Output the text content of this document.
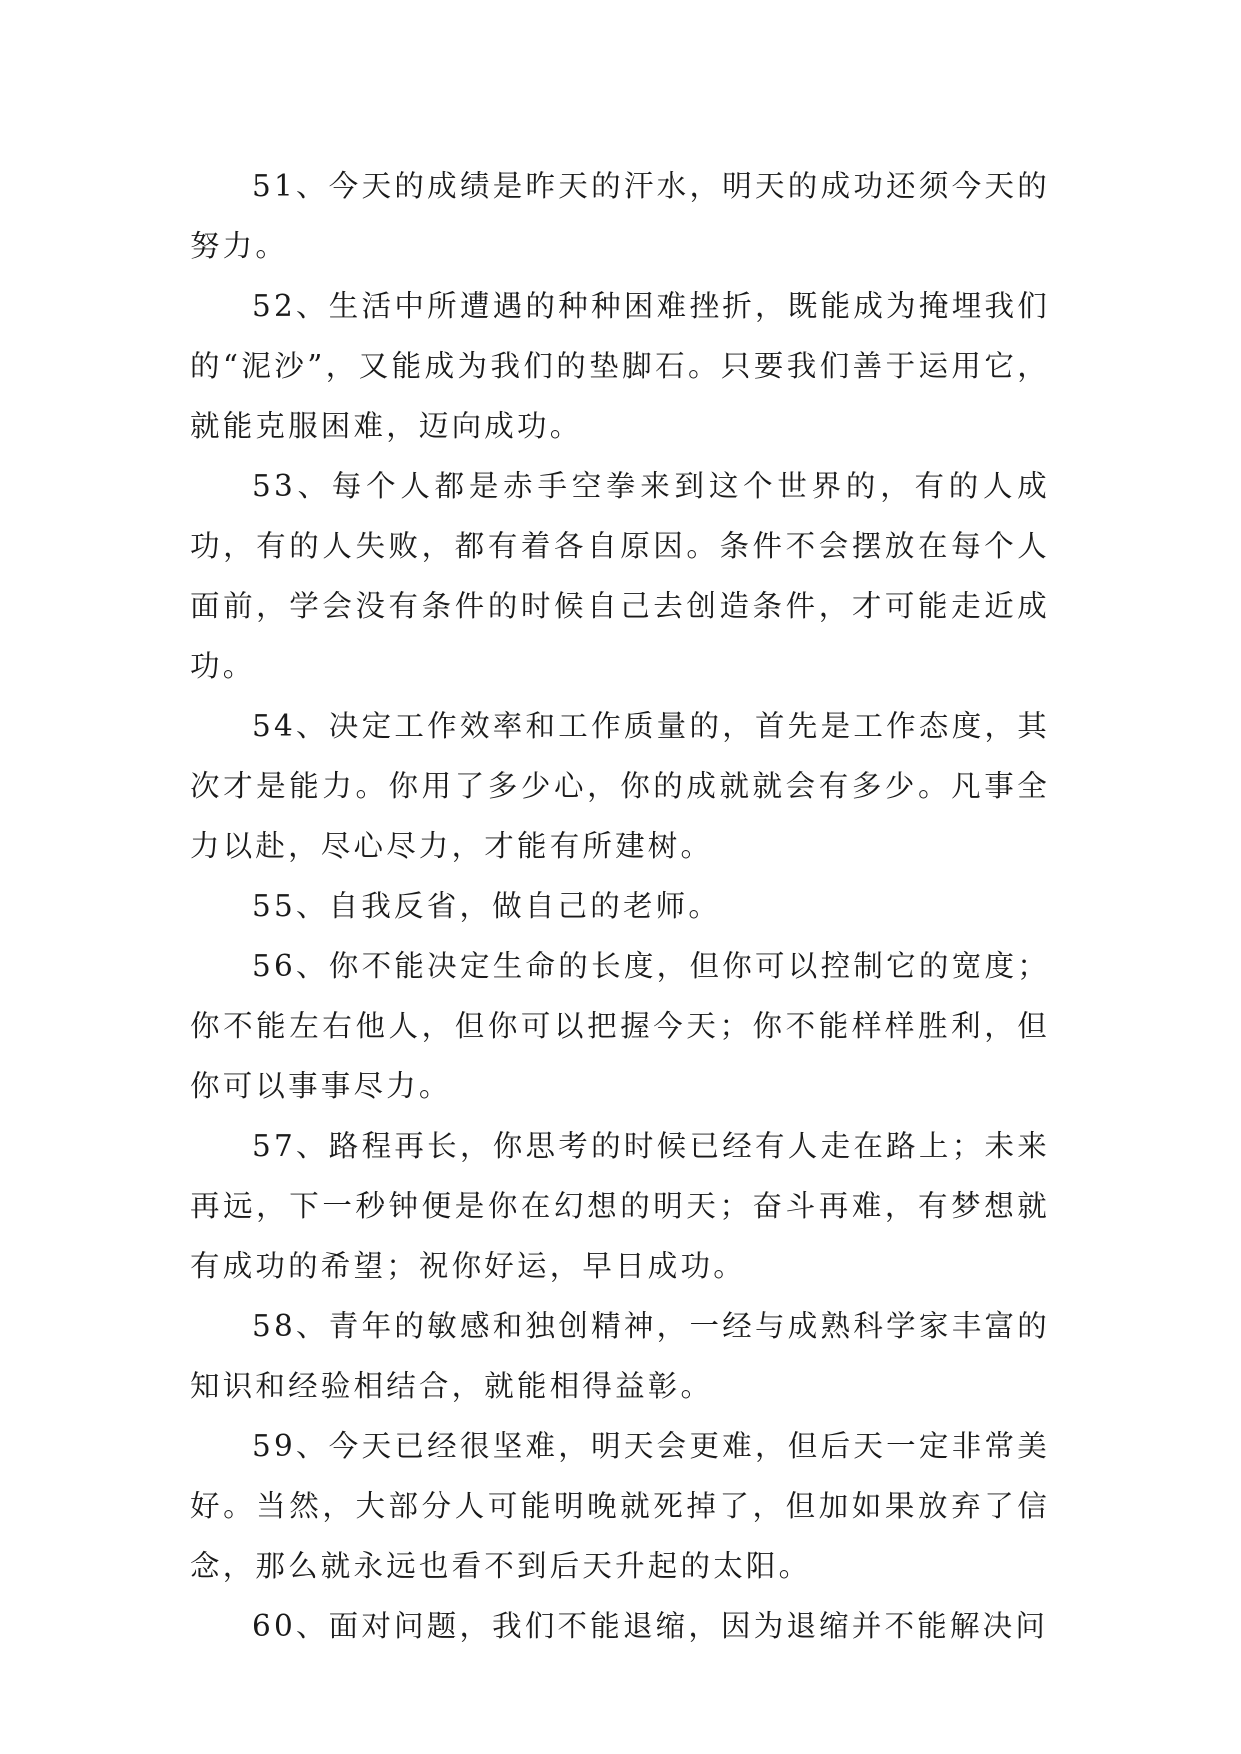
51、今天的成绩是昨天的汗水，明天的成功还须今天的努力。

52、生活中所遭遇的种种困难挫折，既能成为掩埋我们的“泥沙”，又能成为我们的垫脚石。只要我们善于运用它，就能克服困难，迈向成功。

53、每个人都是赤手空拳来到这个世界的，有的人成功，有的人失败，都有着各自原因。条件不会摆放在每个人面前，学会没有条件的时候自己去创造条件，才可能走近成功。

54、决定工作效率和工作质量的，首先是工作态度，其次才是能力。你用了多少心，你的成就就会有多少。凡事全力以赴，尽心尽力，才能有所建树。

55、自我反省，做自己的老师。

56、你不能决定生命的长度，但你可以控制它的宽度；你不能左右他人，但你可以把握今天；你不能样样胜利，但你可以事事尽力。

57、路程再长，你思考的时候已经有人走在路上；未来再远，下一秒钟便是你在幻想的明天；奋斗再难，有梦想就有成功的希望；祝你好运，早日成功。

58、青年的敏感和独创精神，一经与成熟科学家丰富的知识和经验相结合，就能相得益彰。

59、今天已经很坚难，明天会更难，但后天一定非常美好。当然，大部分人可能明晚就死掉了，但加如果放弃了信念，那么就永远也看不到后天升起的太阳。

60、面对问题，我们不能退缩，因为退缩并不能解决问
